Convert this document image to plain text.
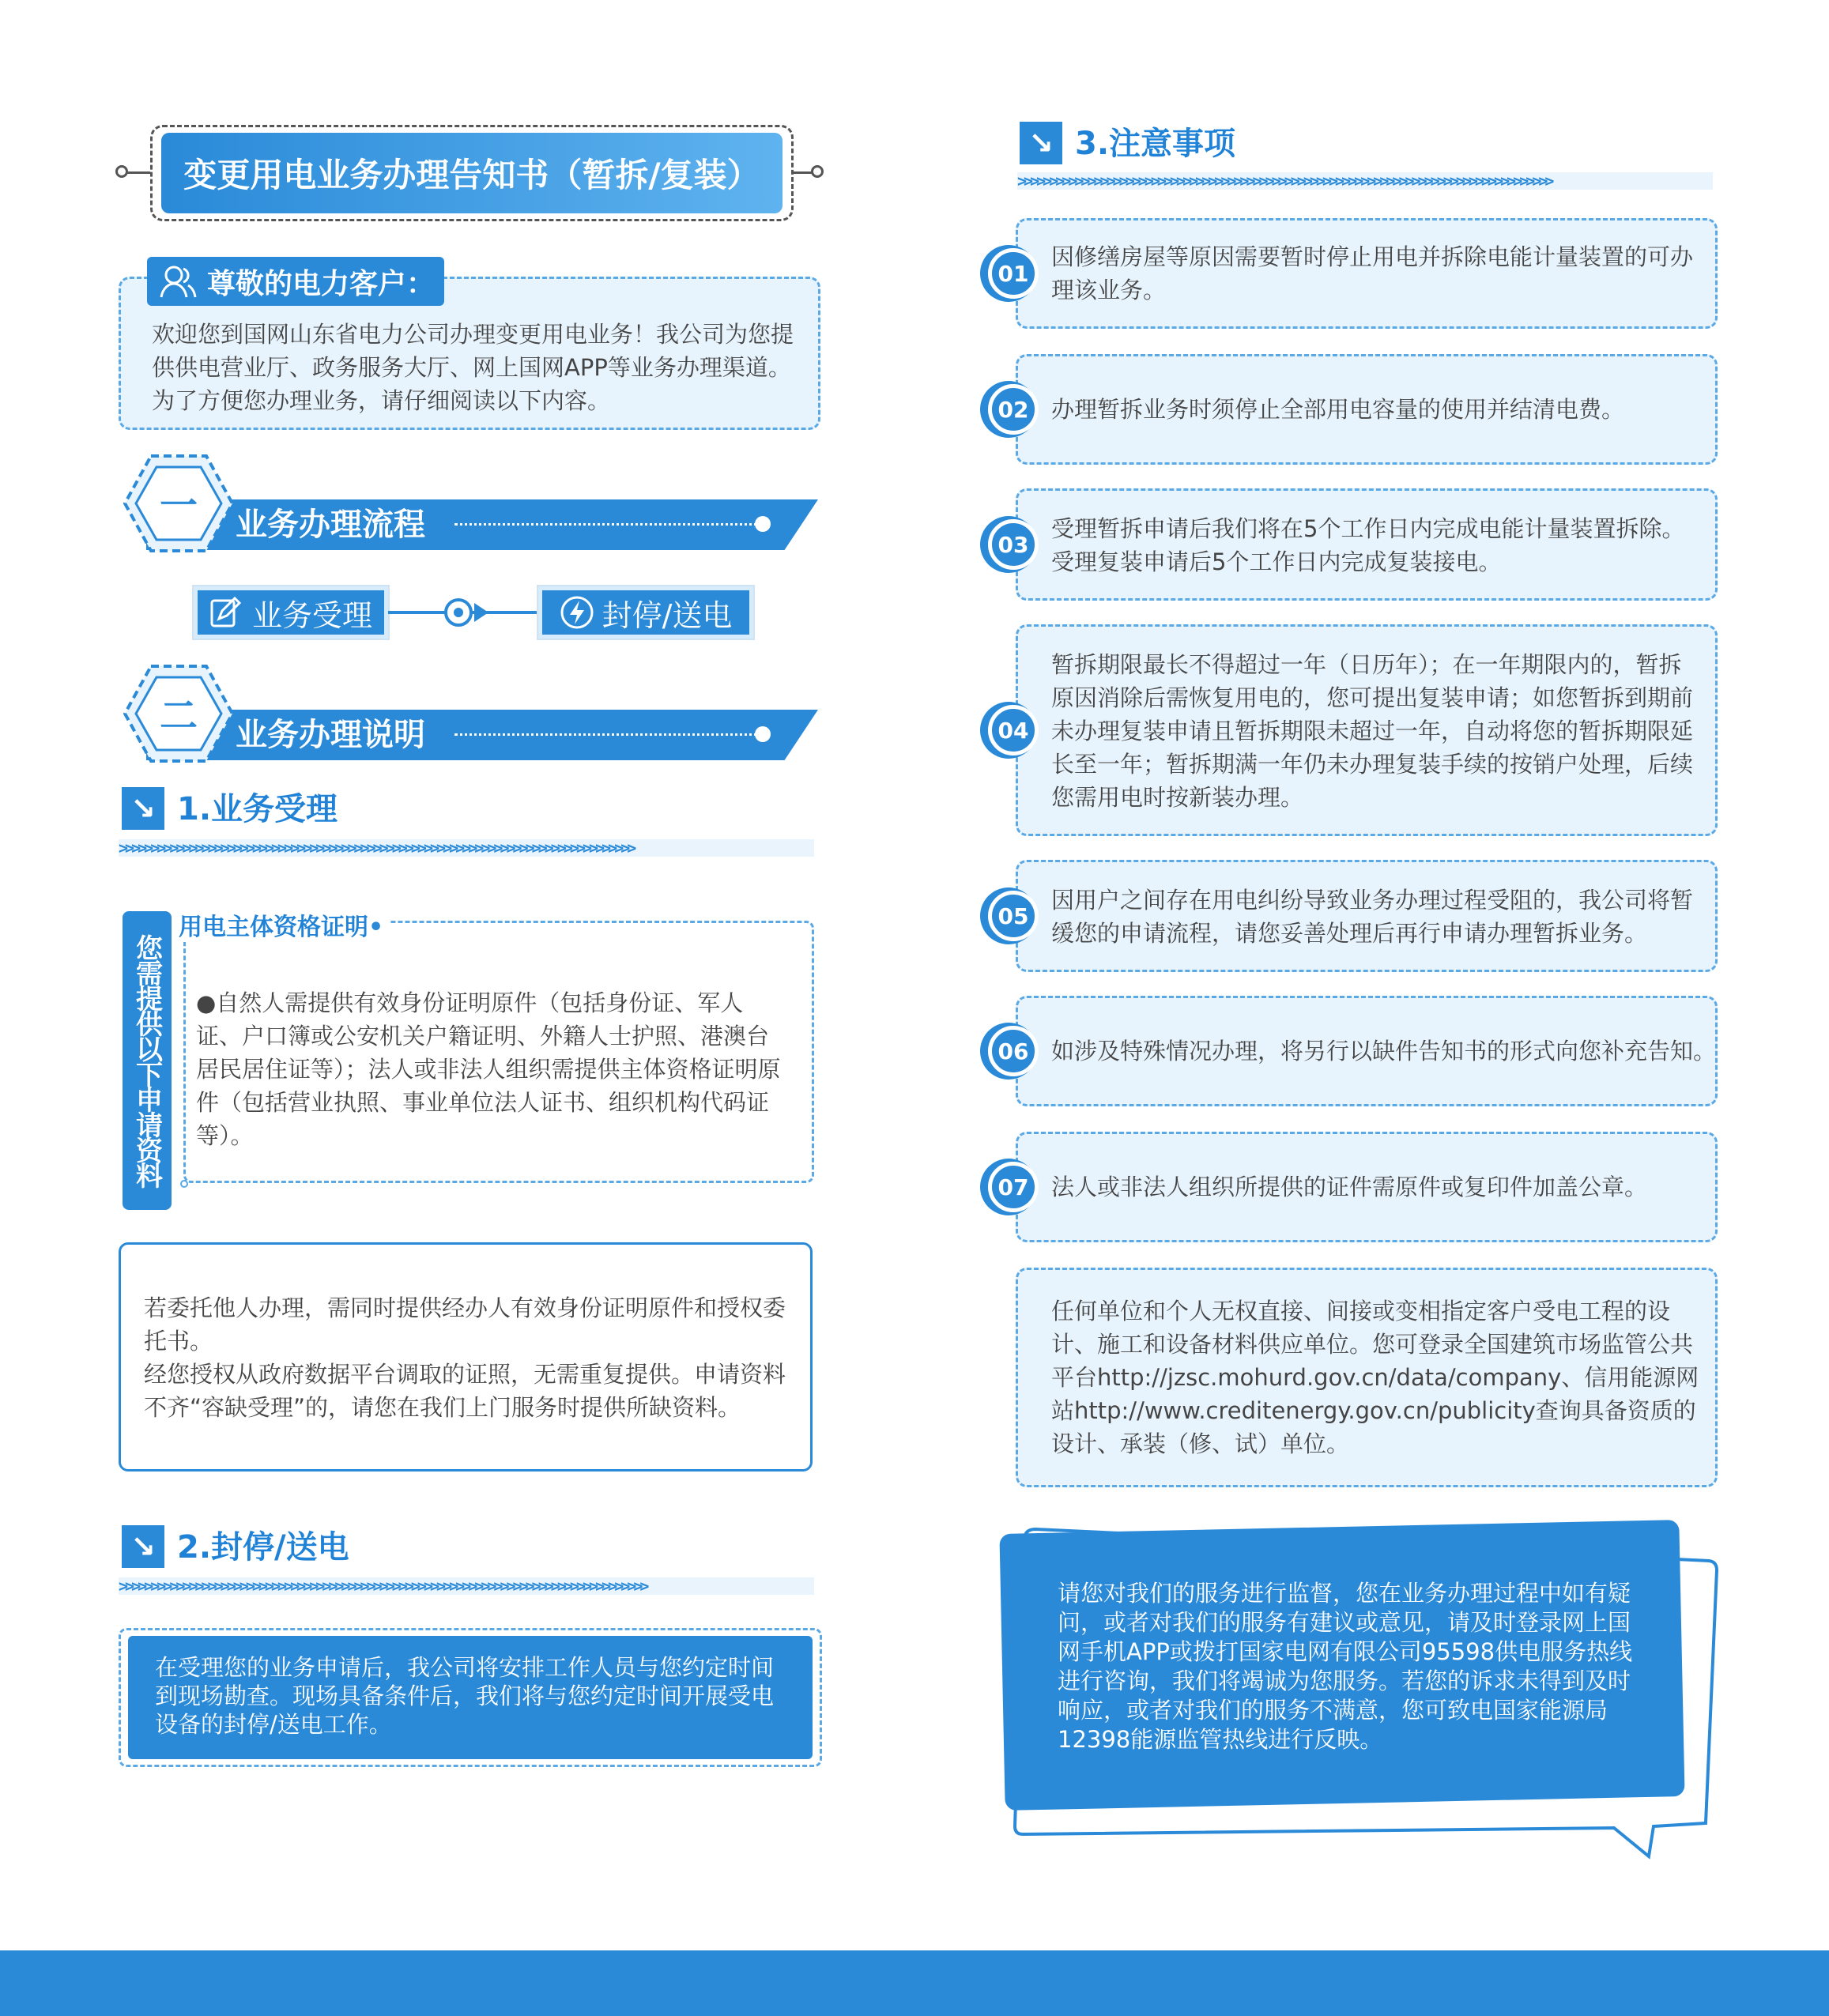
变更用电业务办理告知书（暂拆/复装）
尊敬的电力客户：
欢迎您到国网山东省电力公司办理变更用电业务！我公司为您提供供电营业厅、政务服务大厅、网上国网APP等业务办理渠道。为了方便您办理业务，请仔细阅读以下内容。
一	业务办理流程
业务受理	封停/送电
二	业务办理说明
↘ 1.业务受理
>>>>>>>>>>>>>>>>>>>>>>>>>>>>>>>>>>>>>>>>>>>>>>>>>>>>>>>>>>>>>>>>>>>>>>>>>>>>>>>>>
您需提供以下申请资料
用电主体资格证明•
●自然人需提供有效身份证明原件（包括身份证、军人证、户口簿或公安机关户籍证明、外籍人士护照、港澳台居民居住证等）；法人或非法人组织需提供主体资格证明原件（包括营业执照、事业单位法人证书、组织机构代码证等）。
若委托他人办理，需同时提供经办人有效身份证明原件和授权委托书。
经您授权从政府数据平台调取的证照，无需重复提供。申请资料不齐“容缺受理”的，请您在我们上门服务时提供所缺资料。
↘ 2.封停/送电
>>>>>>>>>>>>>>>>>>>>>>>>>>>>>>>>>>>>>>>>>>>>>>>>>>>>>>>>>>>>>>>>>>>>>>>>>>>>>>>>>>>
在受理您的业务申请后，我公司将安排工作人员与您约定时间到现场勘查。现场具备条件后，我们将与您约定时间开展受电设备的封停/送电工作。
↘ 3.注意事项
>>>>>>>>>>>>>>>>>>>>>>>>>>>>>>>>>>>>>>>>>>>>>>>>>>>>>>>>>>>>>>>>>>>>>>>>>>>>>>>>>>>>
01
因修缮房屋等原因需要暂时停止用电并拆除电能计量装置的可办理该业务。
02 办理暂拆业务时须停止全部用电容量的使用并结清电费。
03
受理暂拆申请后我们将在5个工作日内完成电能计量装置拆除。受理复装申请后5个工作日内完成复装接电。
04
暂拆期限最长不得超过一年（日历年）；在一年期限内的，暂拆原因消除后需恢复用电的，您可提出复装申请；如您暂拆到期前未办理复装申请且暂拆期限未超过一年，自动将您的暂拆期限延长至一年；暂拆期满一年仍未办理复装手续的按销户处理，后续您需用电时按新装办理。
05
因用户之间存在用电纠纷导致业务办理过程受阻的，我公司将暂缓您的申请流程，请您妥善处理后再行申请办理暂拆业务。
06 如涉及特殊情况办理，将另行以缺件告知书的形式向您补充告知。
07 法人或非法人组织所提供的证件需原件或复印件加盖公章。
任何单位和个人无权直接、间接或变相指定客户受电工程的设计、施工和设备材料供应单位。您可登录全国建筑市场监管公共平台http://jzsc.mohurd.gov.cn/data/company、信用能源网站http://www.creditenergy.gov.cn/publicity查询具备资质的设计、承装（修、试）单位。
请您对我们的服务进行监督，您在业务办理过程中如有疑问，或者对我们的服务有建议或意见，请及时登录网上国网手机APP或拨打国家电网有限公司95598供电服务热线进行咨询，我们将竭诚为您服务。若您的诉求未得到及时响应，或者对我们的服务不满意，您可致电国家能源局12398能源监管热线进行反映。
